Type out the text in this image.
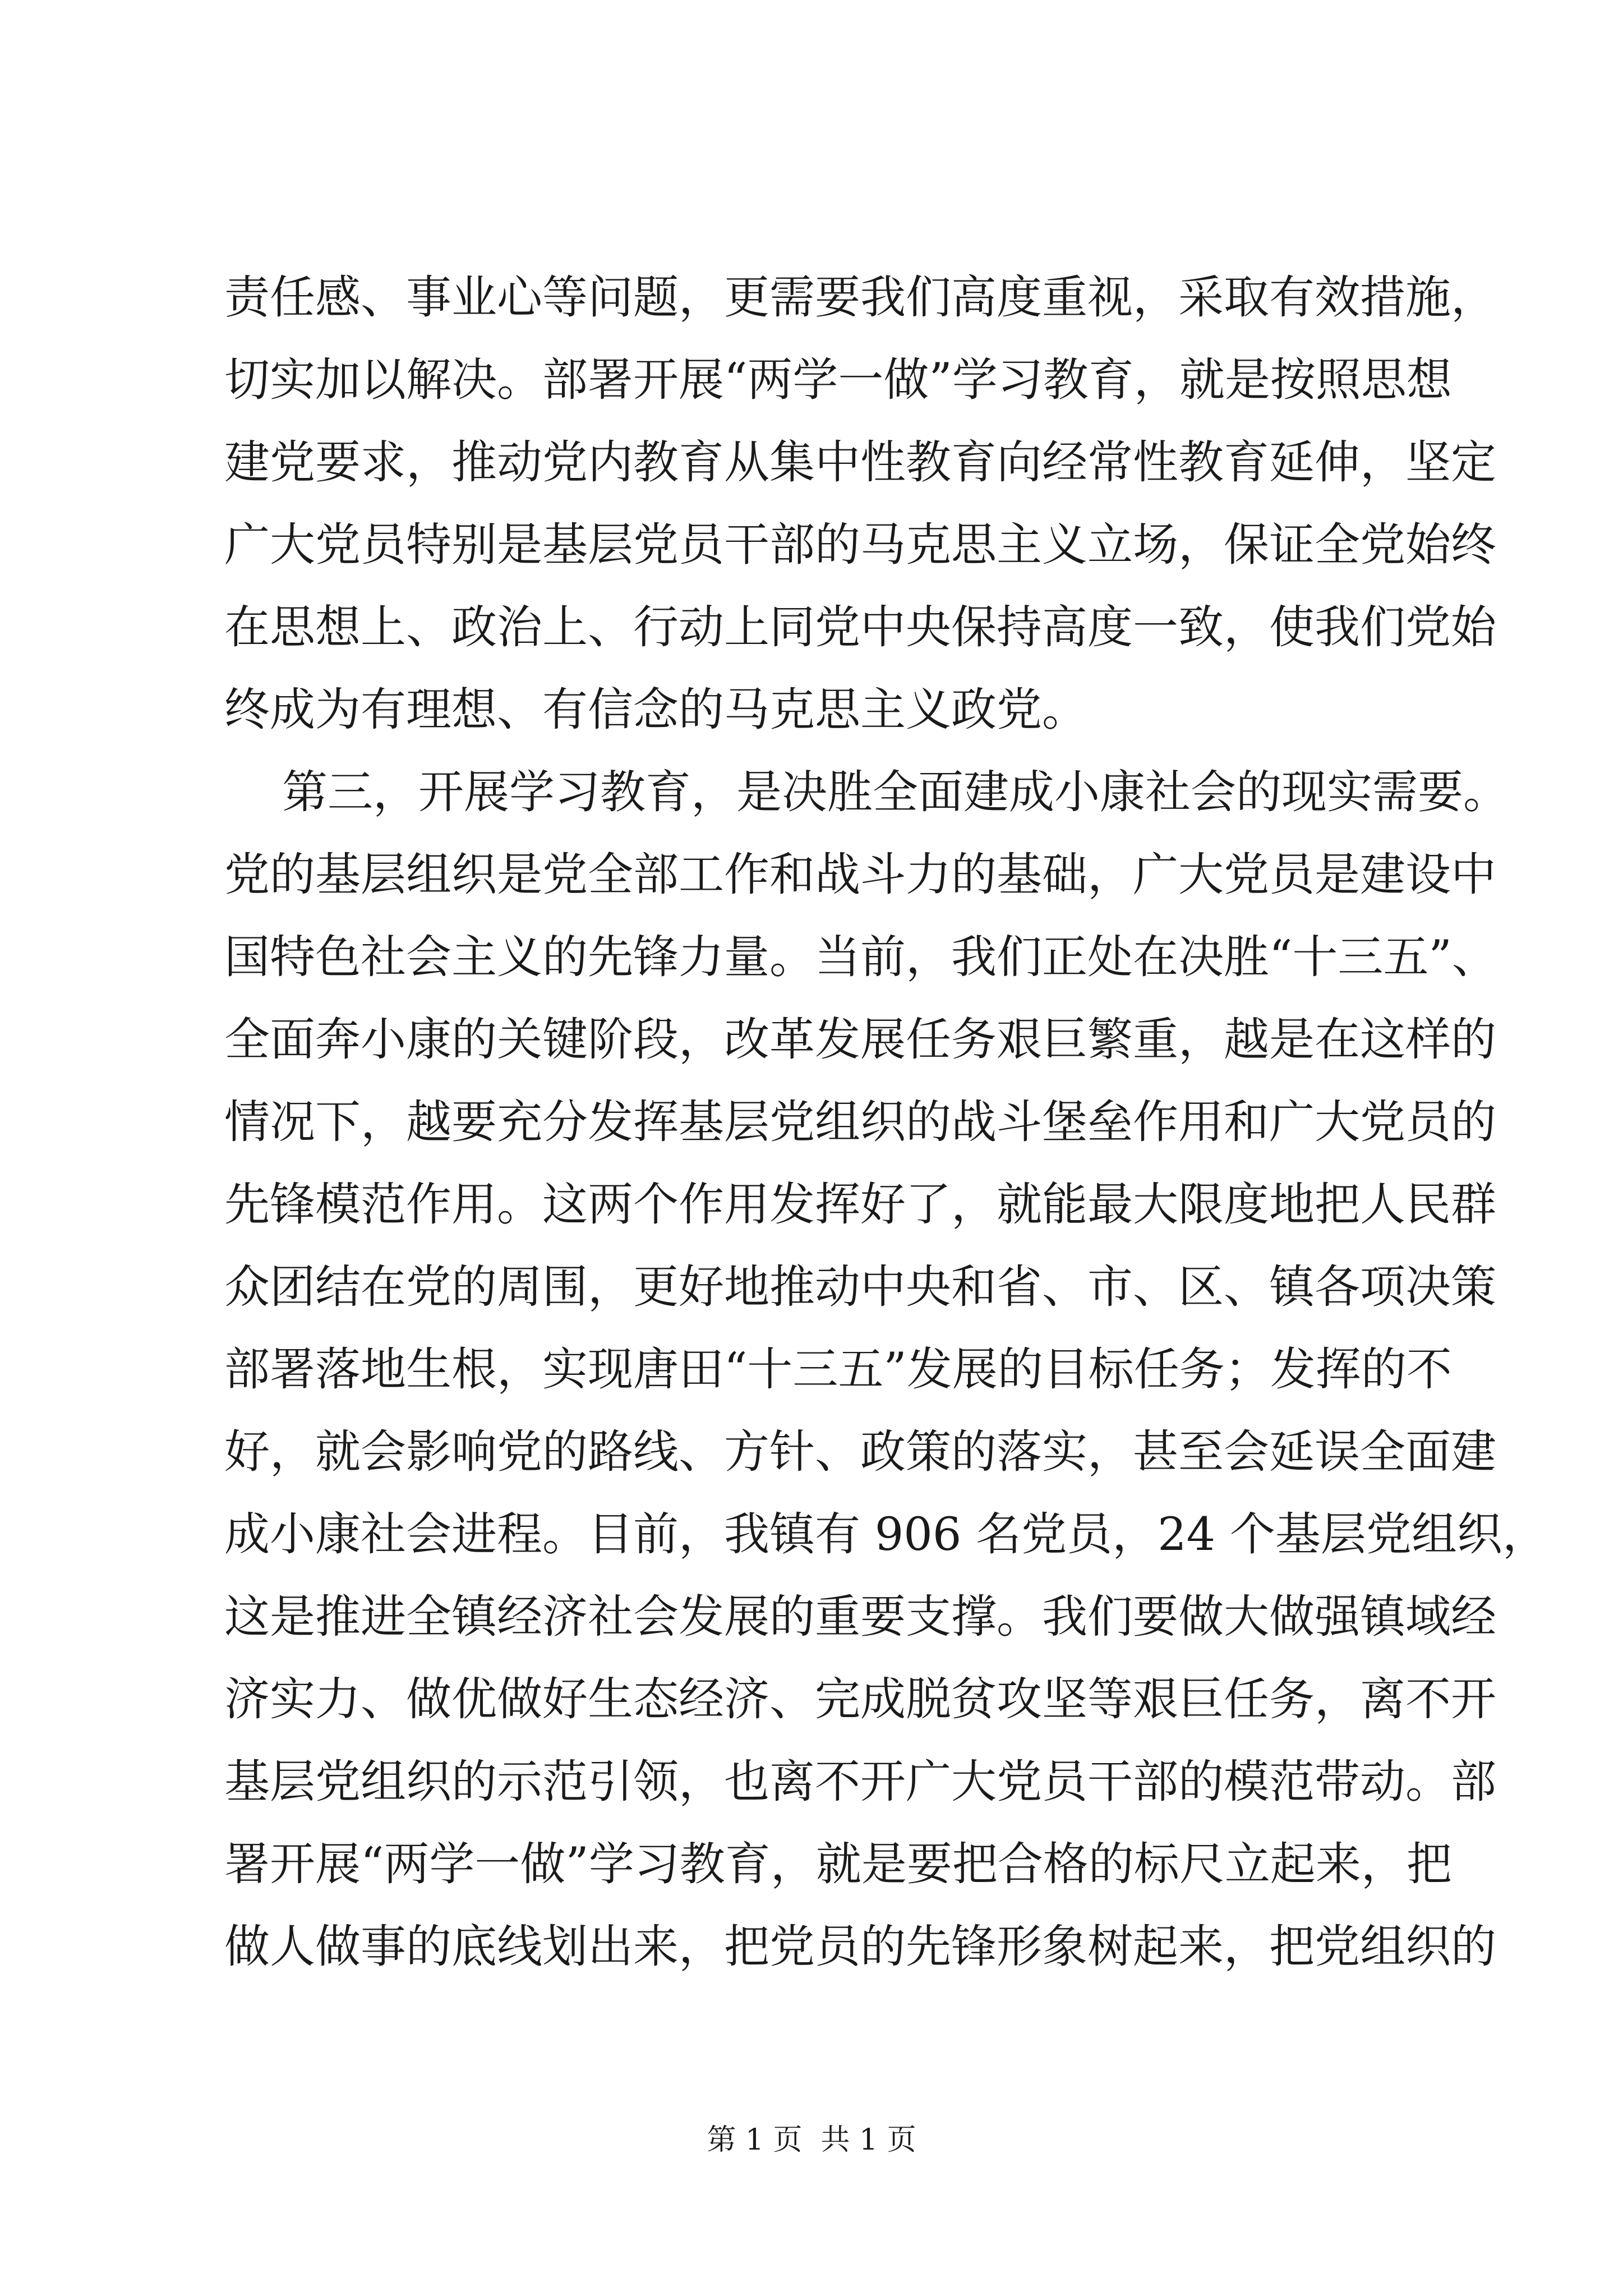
责任感、事业心等问题，更需要我们高度重视，采取有效措施，
切实加以解决。部署开展“两学一做”学习教育，就是按照思想
建党要求，推动党内教育从集中性教育向经常性教育延伸，坚定
广大党员特别是基层党员干部的马克思主义立场，保证全党始终
在思想上、政治上、行动上同党中央保持高度一致，使我们党始
终成为有理想、有信念的马克思主义政党。
第三，开展学习教育，是决胜全面建成小康社会的现实需要。
党的基层组织是党全部工作和战斗力的基础，广大党员是建设中
国特色社会主义的先锋力量。当前，我们正处在决胜“十三五”、
全面奔小康的关键阶段，改革发展任务艰巨繁重，越是在这样的
情况下，越要充分发挥基层党组织的战斗堡垒作用和广大党员的
先锋模范作用。这两个作用发挥好了，就能最大限度地把人民群
众团结在党的周围，更好地推动中央和省、市、区、镇各项决策
部署落地生根，实现唐田“十三五”发展的目标任务；发挥的不
好，就会影响党的路线、方针、政策的落实，甚至会延误全面建
成小康社会进程。目前，我镇有 906 名党员，24 个基层党组织，
这是推进全镇经济社会发展的重要支撑。我们要做大做强镇域经
济实力、做优做好生态经济、完成脱贫攻坚等艰巨任务，离不开
基层党组织的示范引领，也离不开广大党员干部的模范带动。部
署开展“两学一做”学习教育，就是要把合格的标尺立起来，把
做人做事的底线划出来，把党员的先锋形象树起来，把党组织的
第 1 页  共 1 页
